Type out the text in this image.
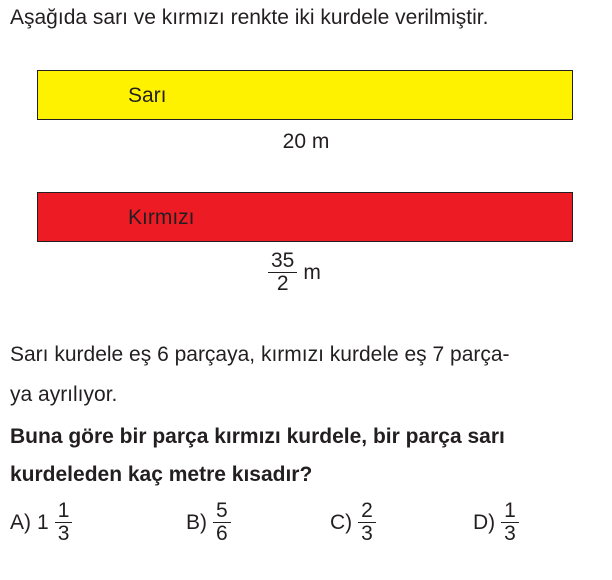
Aşağıda sarı ve kırmızı renkte iki kurdele verilmiştir.
Sarı
20 m
Kırmızı
$\frac{35}{2}$ m
Sarı kurdele eş 6 parçaya, kırmızı kurdele eş 7 parça-
ya ayrılıyor.
Buna göre bir parça kırmızı kurdele, bir parça sarı
kurdeleden kaç metre kısadır?
A) $1 \frac{1}{3}$	$B) \frac{5}{6}$	$C) \frac{2}{3}$	$D) \frac{1}{3}$
